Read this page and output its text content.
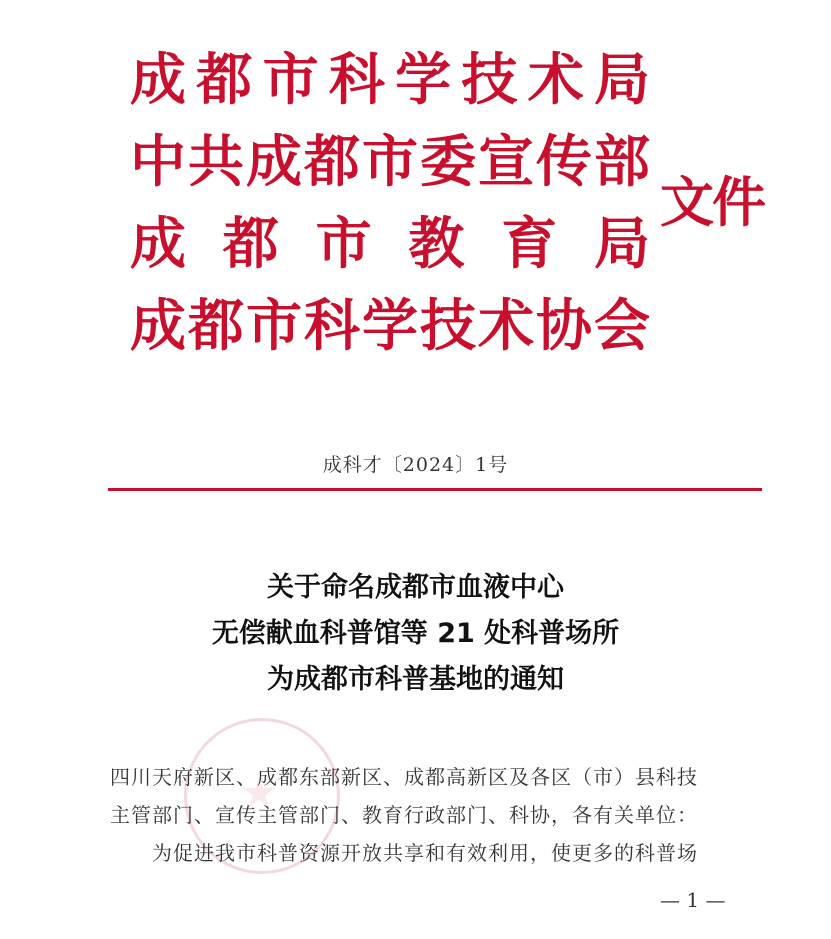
成 都 市 科 学 技 术 局
中 共 成 都 市 委 宣 传 部
成 都 市 教 育 局
成 都 市 科 学 技 术 协 会
文件
成科才〔2024〕1号
关于命名成都市血液中心
无偿献血科普馆等 21 处科普场所
为成都市科普基地的通知
四川天府新区、成都东部新区、成都高新区及各区（市）县科技
主管部门、宣传主管部门、教育行政部门、科协，各有关单位：
为促进我市科普资源开放共享和有效利用，使更多的科普场
— 1 —
